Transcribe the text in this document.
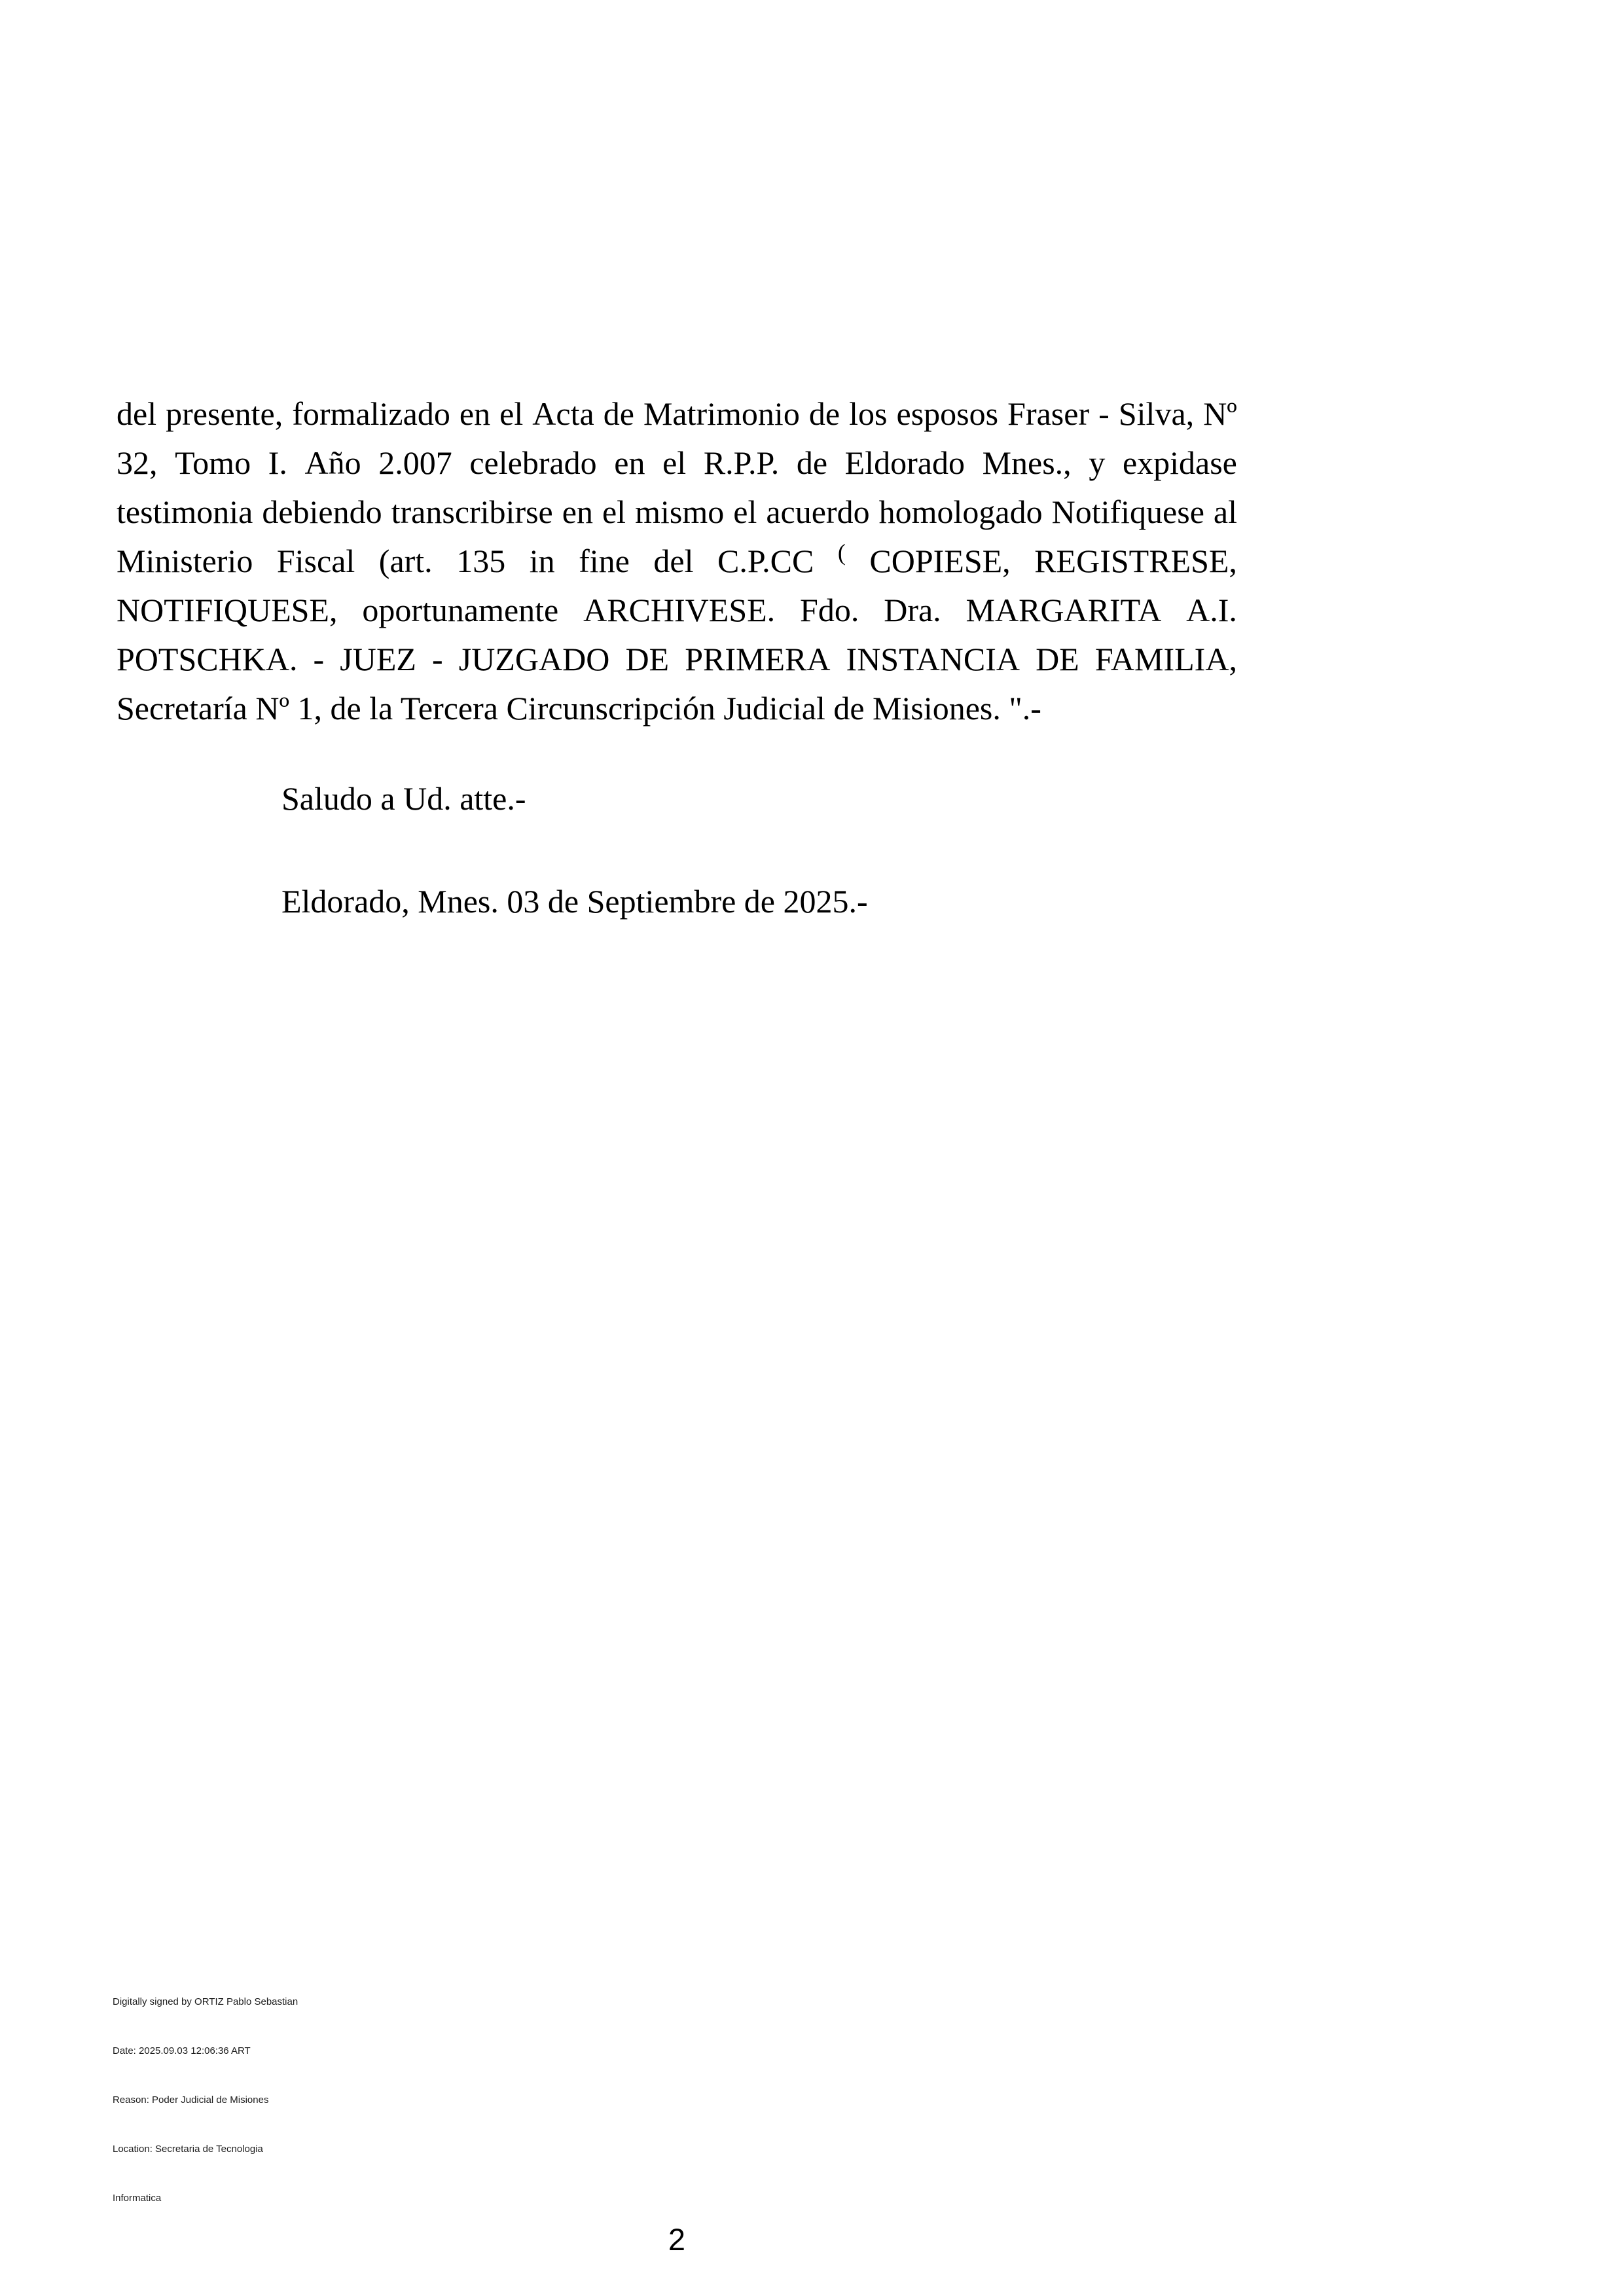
del presente, formalizado en el Acta de Matrimonio de los esposos Fraser - Silva, Nº
32, Tomo I. Año 2.007 celebrado en el R.P.P. de Eldorado Mnes., y expidase
testimonia debiendo transcribirse en el mismo el acuerdo homologado Notifiquese al
Ministerio Fiscal (art. 135 in fine del C.P.CC ( COPIESE, REGISTRESE,
NOTIFIQUESE, oportunamente ARCHIVESE. Fdo. Dra. MARGARITA A.I.
POTSCHKA. - JUEZ - JUZGADO DE PRIMERA INSTANCIA DE FAMILIA,
Secretaría Nº 1, de la Tercera Circunscripción Judicial de Misiones. ".-
Saludo a Ud. atte.-
Eldorado, Mnes. 03 de Septiembre de 2025.-
Digitally signed by ORTIZ Pablo Sebastian
Date: 2025.09.03 12:06:36 ART
Reason: Poder Judicial de Misiones
Location: Secretaria de Tecnologia
Informatica
2
